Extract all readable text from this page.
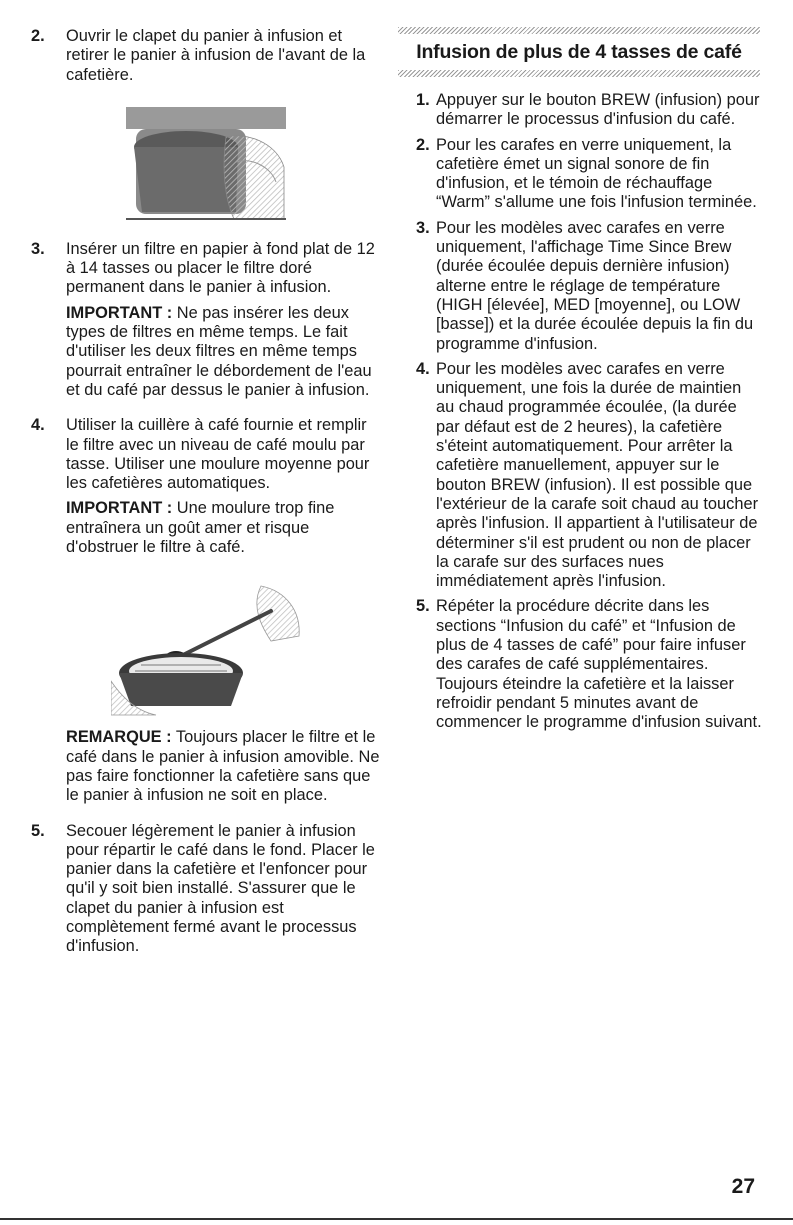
2. Ouvrir le clapet du panier à infusion et retirer le panier à infusion de l'avant de la cafetière.

3. Insérer un filtre en papier à fond plat de 12 à 14 tasses ou placer le filtre doré permanent dans le panier à infusion.

IMPORTANT : Ne pas insérer les deux types de filtres en même temps. Le fait d'utiliser les deux filtres en même temps pourrait entraîner le débordement de l'eau et du café par dessus le panier à infusion.

4. Utiliser la cuillère à café fournie et remplir le filtre avec un niveau de café moulu par tasse. Utiliser une moulure moyenne pour les cafetières automatiques.

IMPORTANT : Une moulure trop fine entraînera un goût amer et risque d'obstruer le filtre à café.

REMARQUE : Toujours placer le filtre et le café dans le panier à infusion amovible. Ne pas faire fonctionner la cafetière sans que le panier à infusion ne soit en place.

5. Secouer légèrement le panier à infusion pour répartir le café dans le fond. Placer le panier dans la cafetière et l'enfoncer pour qu'il y soit bien installé. S'assurer que le clapet du panier à infusion est complètement fermé avant le processus d'infusion.

Infusion de plus de 4 tasses de café
1. Appuyer sur le bouton BREW (infusion) pour démarrer le processus d'infusion du café.

2. Pour les carafes en verre uniquement, la cafetière émet un signal sonore de fin d'infusion, et le témoin de réchauffage “Warm” s'allume une fois l'infusion terminée.

3. Pour les modèles avec carafes en verre uniquement, l'affichage Time Since Brew (durée écoulée depuis dernière infusion) alterne entre le réglage de température (HIGH [élevée], MED [moyenne], ou LOW [basse]) et la durée écoulée depuis la fin du programme d'infusion.

4. Pour les modèles avec carafes en verre uniquement, une fois la durée de maintien au chaud programmée écoulée, (la durée par défaut est de 2 heures), la cafetière s'éteint automatiquement. Pour arrêter la cafetière manuellement, appuyer sur le bouton BREW (infusion). Il est possible que l'extérieur de la carafe soit chaud au toucher après l'infusion. Il appartient à l'utilisateur de déterminer s'il est prudent ou non de placer la carafe sur des surfaces nues immédiatement après l'infusion.

5. Répéter la procédure décrite dans les sections “Infusion du café” et “Infusion de plus de 4 tasses de café” pour faire infuser des carafes de café supplémentaires. Toujours éteindre la cafetière et la laisser refroidir pendant 5 minutes avant de commencer le programme d'infusion suivant.

27
